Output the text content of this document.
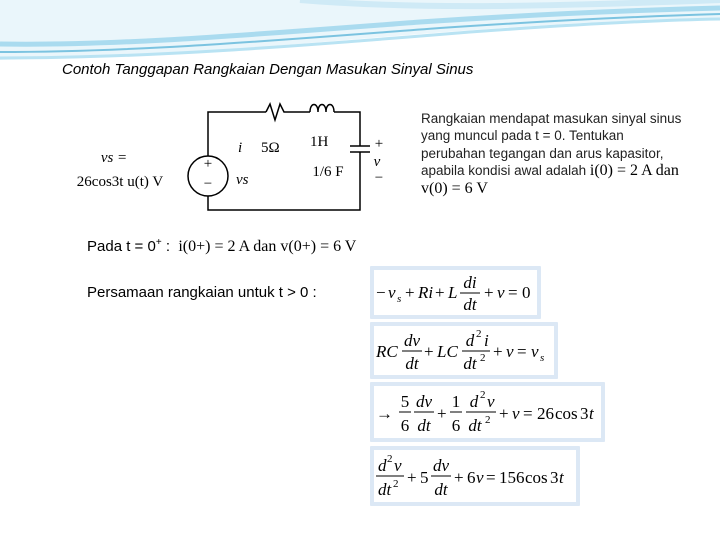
Contoh Tanggapan Rangkaian Dengan Masukan Sinyal Sinus
+
−
vs =
26cos3t u(t) V	vs
i 5Ω 1H
1/6 F
+
v
−
Rangkaian mendapat masukan sinyal sinus yang muncul pada t = 0. Tentukan perubahan tegangan dan arus kapasitor, apabila kondisi awal adalah i(0) = 2 A dan v(0) = 6 V
Pada t = 0+ : i(0+) = 2 A dan v(0+) = 6 V
Persamaan rangkaian untuk t > 0 :	− v s + Ri + L
di
dt
+ v = 0
RC
dv
dt
+ LC
d 2 i
dt 2 + v = v s
→
5
6
dv
dt
+
1
6
d 2 v
dt 2 + v = 26 cos 3 t
d 2 v
dt 2 + 5
dv
dt
+ 6 v = 156 cos 3 t
